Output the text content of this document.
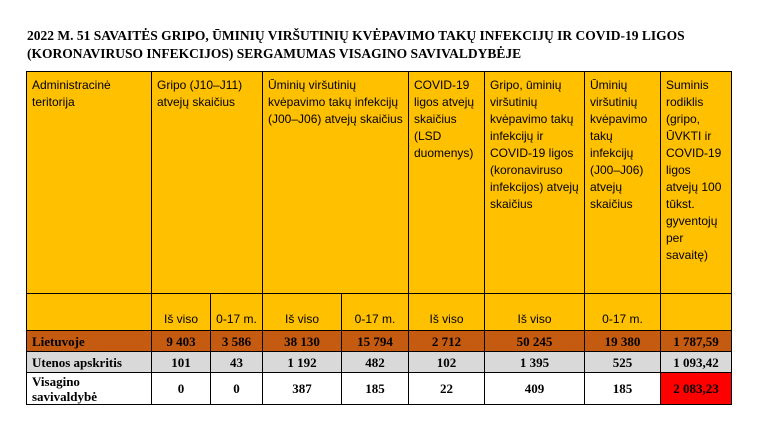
2022 M. 51 SAVAITĖS GRIPO, ŪMINIŲ VIRŠUTINIŲ KVĖPAVIMO TAKŲ INFEKCIJŲ IR COVID-19 LIGOS (KORONAVIRUSO INFEKCIJOS) SERGAMUMAS VISAGINO SAVIVALDYBĖJE
Administracinė teritorija	Gripo (J10–J11) atvejų skaičius		Ūminių viršutinių kvėpavimo takų infekcijų (J00–J06) atvejų skaičius		COVID-19 ligos atvejų skaičius (LSD duomenys)	Gripo, ūminių viršutinių kvėpavimo takų infekcijų ir COVID-19 ligos (koronaviruso infekcijos) atvejų skaičius	Ūminių viršutinių kvėpavimo takų infekcijų (J00–J06) atvejų skaičius	Suminis rodiklis (gripo, ŪVKTI ir COVID-19 ligos atvejų 100 tūkst. gyventojų per savaitę)
	Iš viso	0-17 m.	Iš viso	0-17 m.	Iš viso	Iš viso	0-17 m.	
Lietuvoje	9 403	3 586	38 130	15 794	2 712	50 245	19 380	1 787,59
Utenos apskritis	101	43	1 192	482	102	1 395	525	1 093,42
Visagino savivaldybė	0	0	387	185	22	409	185	2 083,23
